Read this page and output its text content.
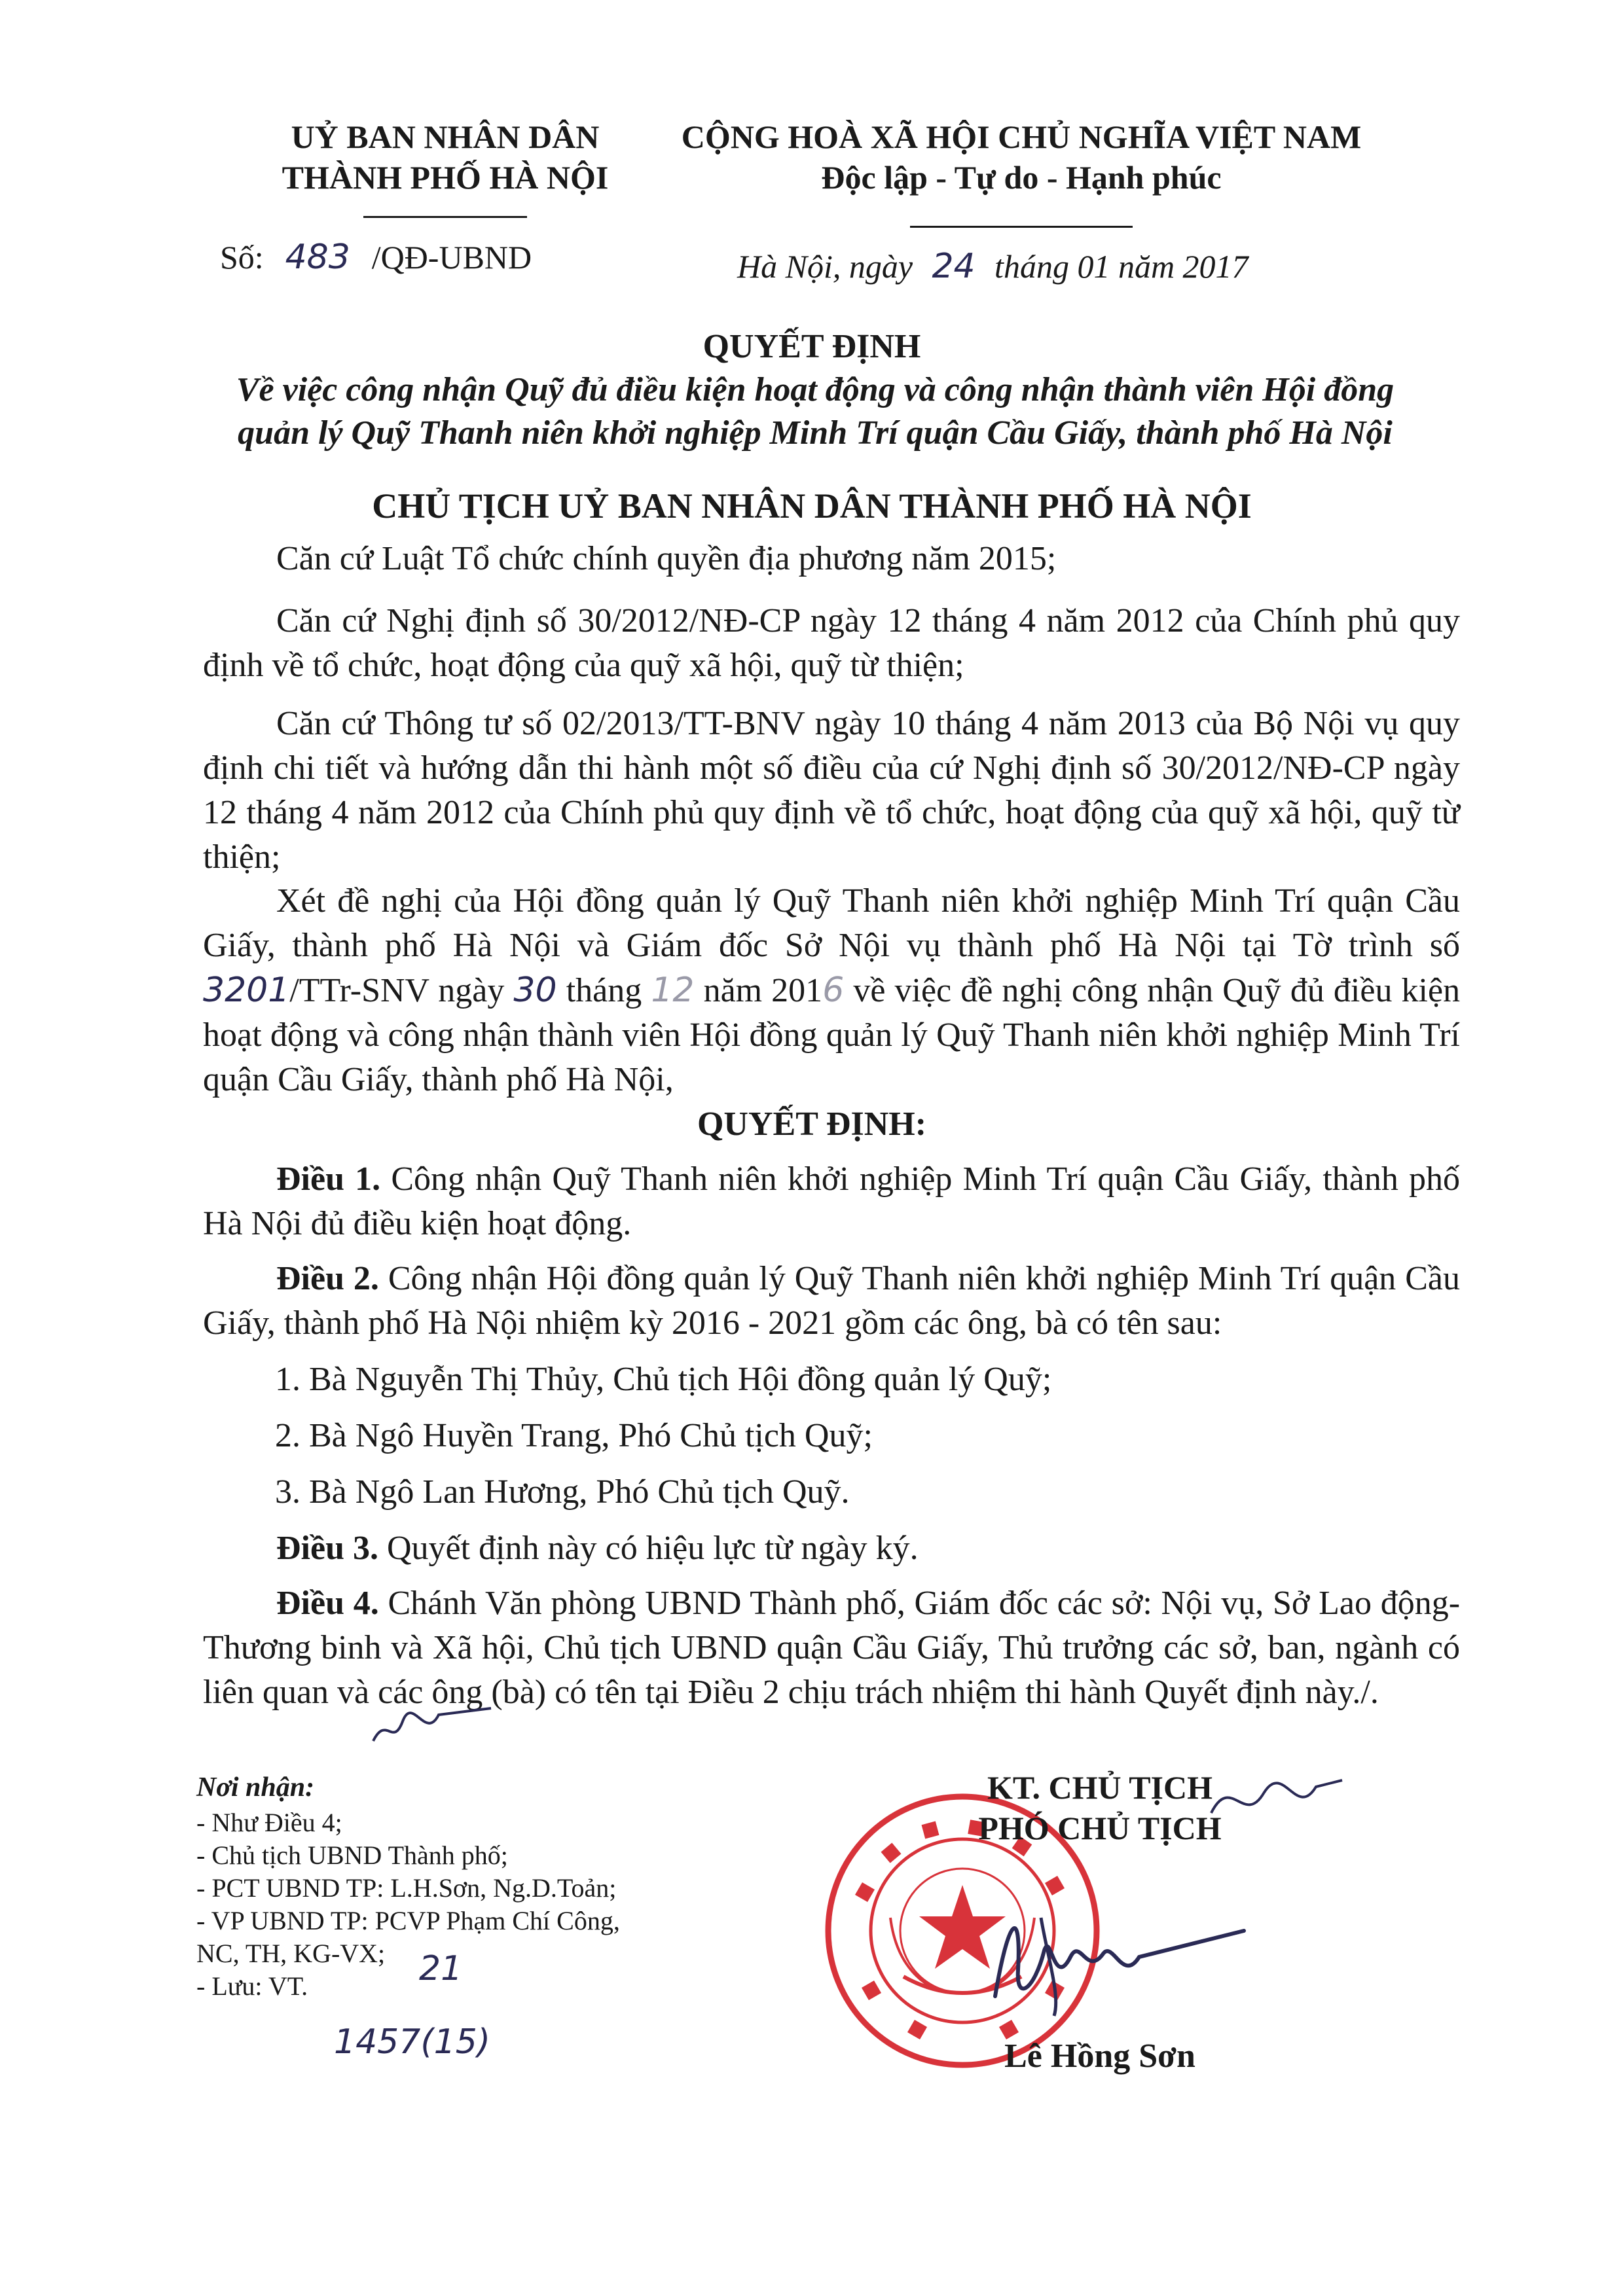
UỶ BAN NHÂN DÂN
THÀNH PHỐ HÀ NỘI
Số: 483 /QĐ-UBND
CỘNG HOÀ XÃ HỘI CHỦ NGHĨA VIỆT NAM
Độc lập - Tự do - Hạnh phúc
Hà Nội, ngày 24 tháng 01 năm 2017
QUYẾT ĐỊNH
Về việc công nhận Quỹ đủ điều kiện hoạt động và công nhận thành viên Hội đồng
quản lý Quỹ Thanh niên khởi nghiệp Minh Trí quận Cầu Giấy, thành phố Hà Nội
CHỦ TỊCH UỶ BAN NHÂN DÂN THÀNH PHỐ HÀ NỘI
Căn cứ Luật Tổ chức chính quyền địa phương năm 2015;
Căn cứ Nghị định số 30/2012/NĐ-CP ngày 12 tháng 4 năm 2012 của Chính phủ quy định về tổ chức, hoạt động của quỹ xã hội, quỹ từ thiện;
Căn cứ Thông tư số 02/2013/TT-BNV ngày 10 tháng 4 năm 2013 của Bộ Nội vụ quy định chi tiết và hướng dẫn thi hành một số điều của cứ Nghị định số 30/2012/NĐ-CP ngày 12 tháng 4 năm 2012 của Chính phủ quy định về tổ chức, hoạt động của quỹ xã hội, quỹ từ thiện;
Xét đề nghị của Hội đồng quản lý Quỹ Thanh niên khởi nghiệp Minh Trí quận Cầu Giấy, thành phố Hà Nội và Giám đốc Sở Nội vụ thành phố Hà Nội tại Tờ trình số 3201/TTr-SNV ngày 30 tháng 12 năm 2016 về việc đề nghị công nhận Quỹ đủ điều kiện hoạt động và công nhận thành viên Hội đồng quản lý Quỹ Thanh niên khởi nghiệp Minh Trí quận Cầu Giấy, thành phố Hà Nội,
QUYẾT ĐỊNH:
Điều 1. Công nhận Quỹ Thanh niên khởi nghiệp Minh Trí quận Cầu Giấy, thành phố Hà Nội đủ điều kiện hoạt động.
Điều 2. Công nhận Hội đồng quản lý Quỹ Thanh niên khởi nghiệp Minh Trí quận Cầu Giấy, thành phố Hà Nội nhiệm kỳ 2016 - 2021 gồm các ông, bà có tên sau:
1. Bà Nguyễn Thị Thủy, Chủ tịch Hội đồng quản lý Quỹ;
2. Bà Ngô Huyền Trang, Phó Chủ tịch Quỹ;
3. Bà Ngô Lan Hương, Phó Chủ tịch Quỹ.
Điều 3. Quyết định này có hiệu lực từ ngày ký.
Điều 4. Chánh Văn phòng UBND Thành phố, Giám đốc các sở: Nội vụ, Sở Lao động- Thương binh và Xã hội, Chủ tịch UBND quận Cầu Giấy, Thủ trưởng các sở, ban, ngành có liên quan và các ông (bà) có tên tại Điều 2 chịu trách nhiệm thi hành Quyết định này./.
Nơi nhận:
- Như Điều 4;
- Chủ tịch UBND Thành phố;
- PCT UBND TP: L.H.Sơn, Ng.D.Toản;
- VP UBND TP: PCVP Phạm Chí Công,
NC, TH, KG-VX;
- Lưu: VT.	21
1457(15)
KT. CHỦ TỊCH
PHÓ CHỦ TỊCH
Lê Hồng Sơn
